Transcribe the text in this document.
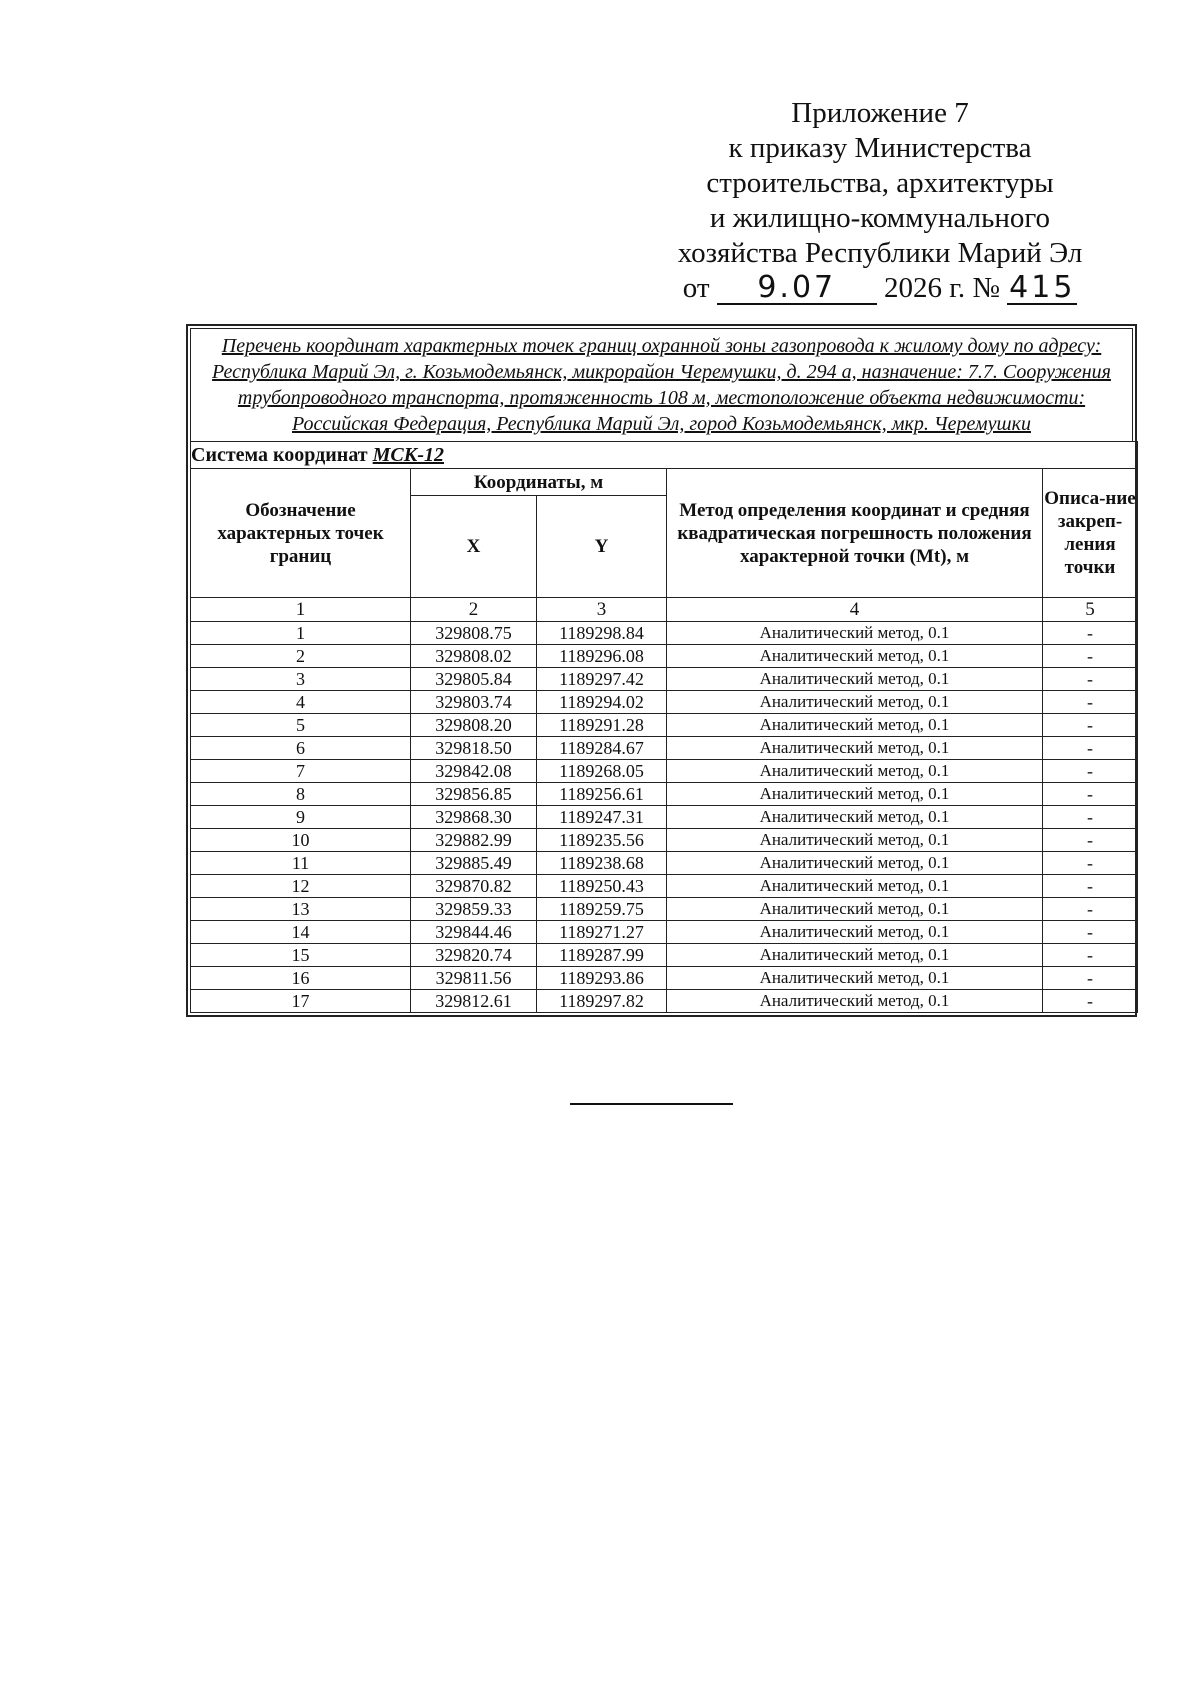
Приложение 7
к приказу Министерства
строительства, архитектуры
и жилищно-коммунального
хозяйства Республики Марий Эл
от 9.07 2026 г. № 415
Перечень координат характерных точек границ охранной зоны газопровода к жилому дому по адресу: Республика Марий Эл, г. Козьмодемьянск, микрорайон Черемушки, д. 294 а, назначение: 7.7. Сооружения трубопроводного транспорта, протяженность 108 м, местоположение объекта недвижимости: Российская Федерация, Республика Марий Эл, город Козьмодемьянск, мкр. Черемушки
Система координат МСК-12				
Обозначение характерных точек границ	Координаты, м		Метод определения координат и средняя квадратическая погрешность положения характерной точки (Mt), м	Описа-ние закреп-ления точки
	X	Y		
1	2	3	4	5
1	329808.75	1189298.84	Аналитический метод, 0.1	-
2	329808.02	1189296.08	Аналитический метод, 0.1	-
3	329805.84	1189297.42	Аналитический метод, 0.1	-
4	329803.74	1189294.02	Аналитический метод, 0.1	-
5	329808.20	1189291.28	Аналитический метод, 0.1	-
6	329818.50	1189284.67	Аналитический метод, 0.1	-
7	329842.08	1189268.05	Аналитический метод, 0.1	-
8	329856.85	1189256.61	Аналитический метод, 0.1	-
9	329868.30	1189247.31	Аналитический метод, 0.1	-
10	329882.99	1189235.56	Аналитический метод, 0.1	-
11	329885.49	1189238.68	Аналитический метод, 0.1	-
12	329870.82	1189250.43	Аналитический метод, 0.1	-
13	329859.33	1189259.75	Аналитический метод, 0.1	-
14	329844.46	1189271.27	Аналитический метод, 0.1	-
15	329820.74	1189287.99	Аналитический метод, 0.1	-
16	329811.56	1189293.86	Аналитический метод, 0.1	-
17	329812.61	1189297.82	Аналитический метод, 0.1	-
